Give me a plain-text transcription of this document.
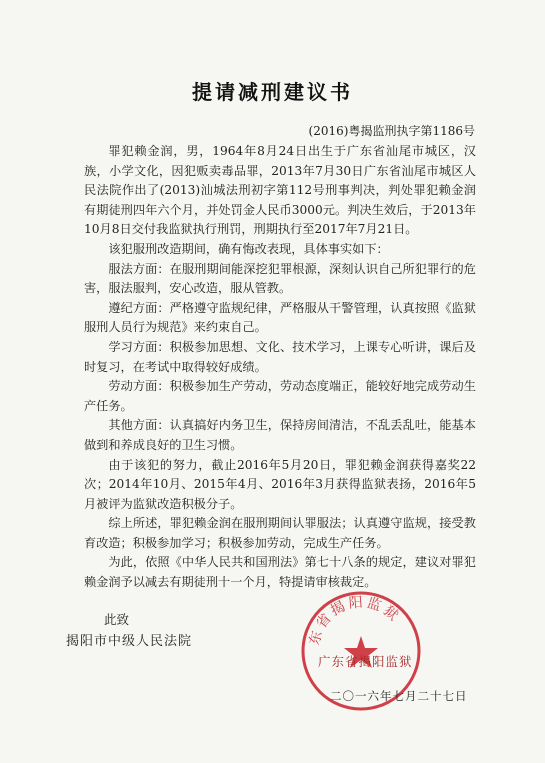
提请减刑建议书
(2016)粤揭监刑执字第1186号

罪犯赖金润，男，1964年8月24日出生于广东省汕尾市城区，汉族，小学文化，因犯贩卖毒品罪，2013年7月30日广东省汕尾市城区人民法院作出了(2013)汕城法刑初字第112号刑事判决，判处罪犯赖金润有期徒刑四年六个月，并处罚金人民币3000元。判决生效后，于2013年10月8日交付我监狱执行刑罚，刑期执行至2017年7月21日。

该犯服刑改造期间，确有悔改表现，具体事实如下：

服法方面：在服刑期间能深挖犯罪根源，深刻认识自己所犯罪行的危害，服法服判，安心改造，服从管教。

遵纪方面：严格遵守监规纪律，严格服从干警管理，认真按照《监狱服刑人员行为规范》来约束自己。

学习方面：积极参加思想、文化、技术学习，上课专心听讲，课后及时复习，在考试中取得较好成绩。

劳动方面：积极参加生产劳动，劳动态度端正，能较好地完成劳动生产任务。

其他方面：认真搞好内务卫生，保持房间清洁，不乱丢乱吐，能基本做到和养成良好的卫生习惯。

由于该犯的努力，截止2016年5月20日，罪犯赖金润获得嘉奖22次；2014年10月、2015年4月、2016年3月获得监狱表扬，2016年5月被评为监狱改造积极分子。

综上所述，罪犯赖金润在服刑期间认罪服法；认真遵守监规，接受教育改造；积极参加学习；积极参加劳动，完成生产任务。

为此，依照《中华人民共和国刑法》第七十八条的规定，建议对罪犯赖金润予以减去有期徒刑十一个月，特提请审核裁定。

此致
揭阳市中级人民法院	东省揭阳监狱
广东省揭阳监狱
二〇一六年七月二十七日
